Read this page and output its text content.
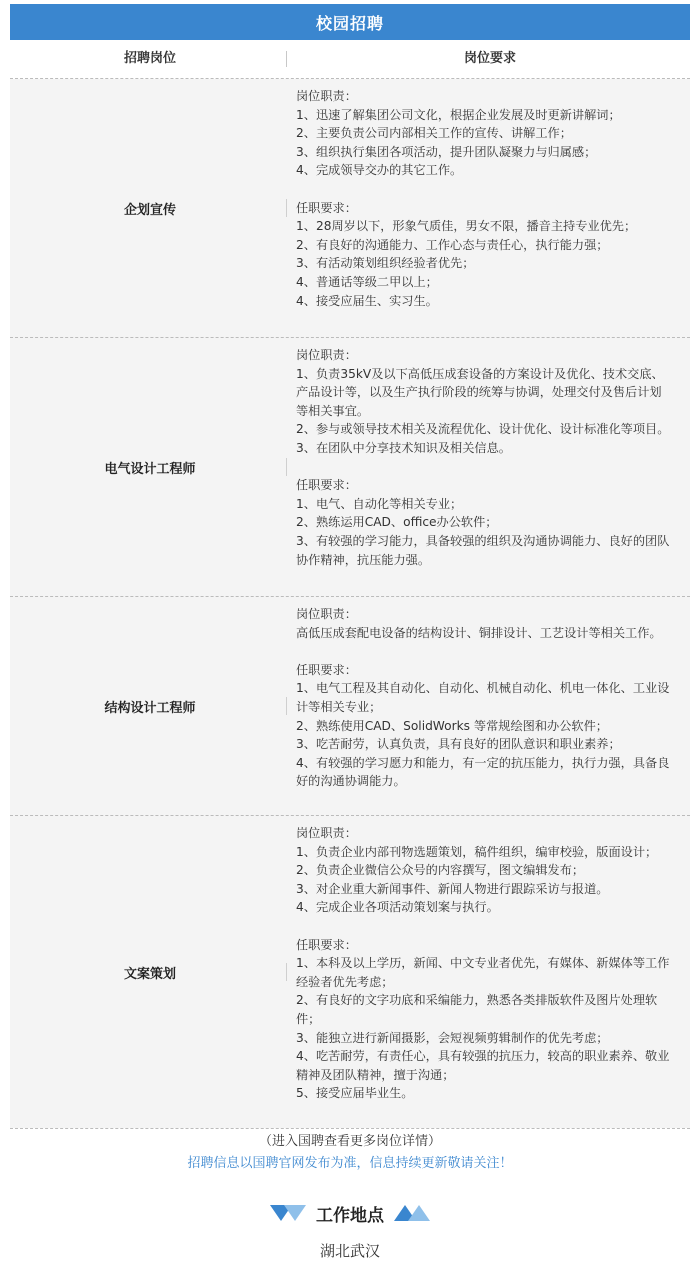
校园招聘
招聘岗位	岗位要求
企划宣传
岗位职责：
1、迅速了解集团公司文化，根据企业发展及时更新讲解词；
2、主要负责公司内部相关工作的宣传、讲解工作；
3、组织执行集团各项活动，提升团队凝聚力与归属感；
4、完成领导交办的其它工作。
任职要求：
1、28周岁以下，形象气质佳，男女不限，播音主持专业优先；
2、有良好的沟通能力、工作心态与责任心，执行能力强；
3、有活动策划组织经验者优先；
4、普通话等级二甲以上；
4、接受应届生、实习生。
电气设计工程师
岗位职责：
1、负责35kV及以下高低压成套设备的方案设计及优化、技术交底、
产品设计等，以及生产执行阶段的统筹与协调，处理交付及售后计划
等相关事宜。
2、参与或领导技术相关及流程优化、设计优化、设计标准化等项目。
3、在团队中分享技术知识及相关信息。
任职要求：
1、电气、自动化等相关专业；
2、熟练运用CAD、office办公软件；
3、有较强的学习能力，具备较强的组织及沟通协调能力、良好的团队
协作精神，抗压能力强。
结构设计工程师
岗位职责：
高低压成套配电设备的结构设计、铜排设计、工艺设计等相关工作。
任职要求：
1、电气工程及其自动化、自动化、机械自动化、机电一体化、工业设
计等相关专业；
2、熟练使用CAD、SolidWorks 等常规绘图和办公软件；
3、吃苦耐劳，认真负责，具有良好的团队意识和职业素养；
4、有较强的学习愿力和能力，有一定的抗压能力，执行力强，具备良
好的沟通协调能力。
文案策划
岗位职责：
1、负责企业内部刊物选题策划，稿件组织，编审校验，版面设计；
2、负责企业微信公众号的内容撰写，图文编辑发布；
3、对企业重大新闻事件、新闻人物进行跟踪采访与报道。
4、完成企业各项活动策划案与执行。
任职要求：
1、本科及以上学历，新闻、中文专业者优先，有媒体、新媒体等工作
经验者优先考虑；
2、有良好的文字功底和采编能力，熟悉各类排版软件及图片处理软
件；
3、能独立进行新闻摄影，会短视频剪辑制作的优先考虑；
4、吃苦耐劳，有责任心，具有较强的抗压力，较高的职业素养、敬业
精神及团队精神，擅于沟通；
5、接受应届毕业生。
（进入国聘查看更多岗位详情）
招聘信息以国聘官网发布为准，信息持续更新敬请关注！
工作地点
湖北武汉
